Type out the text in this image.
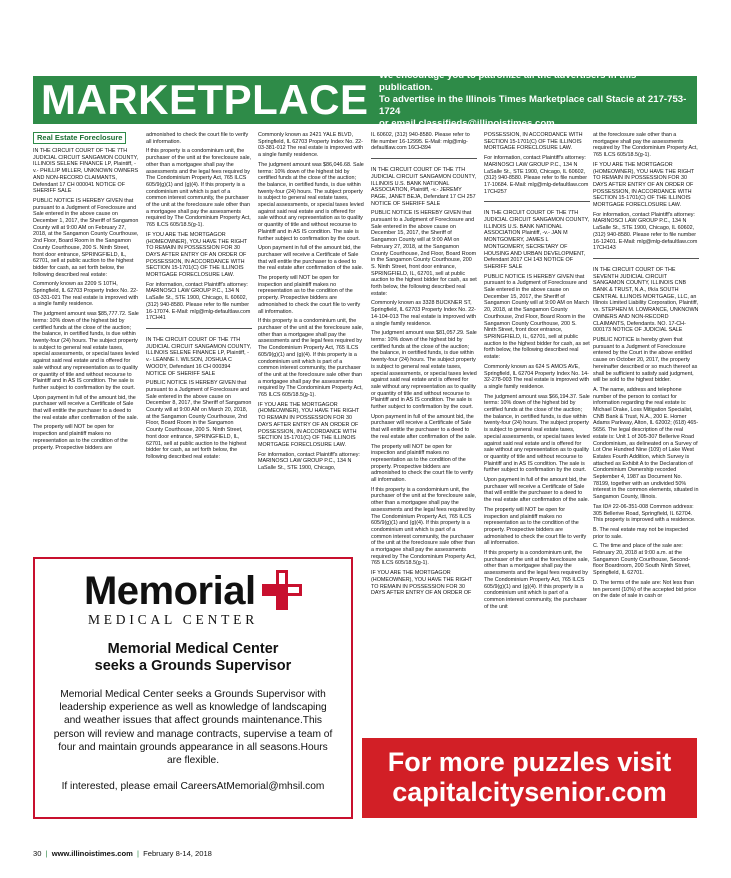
MARKETPLACE
We encourage you to patronize all the advertisers in this publication.
To advertise in the Illinois Times Marketplace call Stacie at 217-753-1724
or email classifieds@illinoistimes.com.
Real Estate Foreclosure

IN THE CIRCUIT COURT OF THE 7TH JUDICIAL CIRCUIT SANGAMON COUNTY, ILLINOIS SELENE FINANCE LP, Plaintiff, -v.- PHILLIP MILLER, UNKNOWN OWNERS AND NON-RECORD CLAIMANTS, Defendant 17 CH 000041 NOTICE OF SHERIFF SALE

PUBLIC NOTICE IS HEREBY GIVEN that pursuant to a Judgment of Foreclosure and Sale entered in the above cause on December 1, 2017, the Sheriff of Sangamon County will at 9:00 AM on February 27, 2018, at the Sangamon County Courthouse, 2nd Floor, Board Room in the Sangamon County Courthouse, 200 S. Ninth Street, front door entrance, SPRINGFIELD, IL, 62701, sell at public auction to the highest bidder for cash, as set forth below, the following described real estate:

Commonly known as 2209 S 10TH, Springfield, IL 62703 Property Index No. 22-03-331-021 The real estate is improved with a single family residence.

The judgment amount was $85,777.72. Sale terms: 10% down of the highest bid by certified funds at the close of the auction; the balance, in certified funds, is due within twenty-four (24) hours. The subject property is subject to general real estate taxes, special assessments, or special taxes levied against said real estate and is offered for sale without any representation as to quality or quantity of title and without recourse to Plaintiff and in AS IS condition. The sale is further subject to confirmation by the court.

Upon payment in full of the amount bid, the purchaser will receive a Certificate of Sale that will entitle the purchaser to a deed to the real estate after confirmation of the sale.

The property will NOT be open for inspection and plaintiff makes no representation as to the condition of the property. Prospective bidders are

admonished to check the court file to verify all information.

If this property is a condominium unit, the purchaser of the unit at the foreclosure sale, other than a mortgagee shall pay the assessments and the legal fees required by The Condominium Property Act, 765 ILCS 605/9(g)(1) and (g)(4). If this property is a condominium unit which is part of a common interest community, the purchaser of the unit at the foreclosure sale other than a mortgagee shall pay the assessments required by The Condominium Property Act, 765 ILCS 605/18.5(g-1).

IF YOU ARE THE MORTGAGOR (HOMEOWNER), YOU HAVE THE RIGHT TO REMAIN IN POSSESSION FOR 30 DAYS AFTER ENTRY OF AN ORDER OF POSSESSION, IN ACCORDANCE WITH SECTION 15-1701(C) OF THE ILLINOIS MORTGAGE FORECLOSURE LAW.

For information, contact Plaintiff's attorney: MARINOSCI LAW GROUP P.C., 134 N LaSalle St., STE 1900, Chicago, IL 60602, (312) 940-8580. Please refer to file number 16-17074. E-Mail: mlg@mlg-defaultlaw.com 17CH41

IN THE CIRCUIT COURT OF THE 7TH JUDICIAL CIRCUIT SANGAMON COUNTY, ILLINOIS SELENE FINANCE LP, Plaintiff, -v.- LEANNE I. WILSON, JOSHUA C WOODY, Defendant 16 CH 000394 NOTICE OF SHERIFF SALE

PUBLIC NOTICE IS HEREBY GIVEN that pursuant to a Judgment of Foreclosure and Sale entered in the above cause on December 8, 2017, the Sheriff of Sangamon County will at 9:00 AM on March 20, 2018, at the Sangamon County Courthouse, 2nd Floor, Board Room in the Sangamon County Courthouse, 200 S. Ninth Street, front door entrance, SPRINGFIELD, IL, 62701, sell at public auction to the highest bidder for cash, as set forth below, the following described real estate:

Commonly known as 2421 YALE BLVD, Springfield, IL 62703 Property Index No. 22-03-381-012 The real estate is improved with a single family residence.

The judgment amount was $86,046.68. Sale terms: 10% down of the highest bid by certified funds at the close of the auction; the balance, in certified funds, is due within twenty-four (24) hours. The subject property is subject to general real estate taxes, special assessments, or special taxes levied against said real estate and is offered for sale without any representation as to quality or quantity of title and without recourse to Plaintiff and in AS IS condition. The sale is further subject to confirmation by the court.

Upon payment in full of the amount bid, the purchaser will receive a Certificate of Sale that will entitle the purchaser to a deed to the real estate after confirmation of the sale.

The property will NOT be open for inspection and plaintiff makes no representation as to the condition of the property. Prospective bidders are admonished to check the court file to verify all information.

If this property is a condominium unit, the purchaser of the unit at the foreclosure sale, other than a mortgagee shall pay the assessments and the legal fees required by The Condominium Property Act, 765 ILCS 605/9(g)(1) and (g)(4). If this property is a condominium unit which is part of a common interest community, the purchaser of the unit at the foreclosure sale other than a mortgagee shall pay the assessments required by The Condominium Property Act, 765 ILCS 605/18.5(g-1).

IF YOU ARE THE MORTGAGOR (HOMEOWNER), YOU HAVE THE RIGHT TO REMAIN IN POSSESSION FOR 30 DAYS AFTER ENTRY OF AN ORDER OF POSSESSION, IN ACCORDANCE WITH SECTION 15-1701(C) OF THE ILLINOIS MORTGAGE FORECLOSURE LAW.

For information, contact Plaintiff's attorney: MARINOSCI LAW GROUP P.C., 134 N LaSalle St., STE 1900, Chicago,

IL 60602, (312) 940-8580. Please refer to file number 16-12995. E-Mail: mlg@mlg-defaultlaw.com 16CH394

IN THE CIRCUIT COURT OF THE 7TH JUDICIAL CIRCUIT SANGAMON COUNTY, ILLINOIS U.S. BANK NATIONAL ASSOCIATION, Plaintiff, -v.- JEREMY PAGE, JANET BEJA, Defendant 17 CH 257 NOTICE OF SHERIFF SALE

PUBLIC NOTICE IS HEREBY GIVEN that pursuant to a Judgment of Foreclosure and Sale entered in the above cause on December 15, 2017, the Sheriff of Sangamon County will at 9:00 AM on February 27, 2018, at the Sangamon County Courthouse, 2nd Floor, Board Room in the Sangamon County Courthouse, 200 S. Ninth Street, front door entrance, SPRINGFIELD, IL, 62701, sell at public auction to the highest bidder for cash, as set forth below, the following described real estate:

Commonly known as 3328 BUCKNER ST, Springfield, IL 62703 Property Index No. 22-14-104-013 The real estate is improved with a single family residence.

The judgment amount was $81,057.29. Sale terms: 10% down of the highest bid by certified funds at the close of the auction; the balance, in certified funds, is due within twenty-four (24) hours. The subject property is subject to general real estate taxes, special assessments, or special taxes levied against said real estate and is offered for sale without any representation as to quality or quantity of title and without recourse to Plaintiff and in AS IS condition. The sale is further subject to confirmation by the court.

Upon payment in full of the amount bid, the purchaser will receive a Certificate of Sale that will entitle the purchaser to a deed to the real estate after confirmation of the sale.

The property will NOT be open for inspection and plaintiff makes no representation as to the condition of the property. Prospective bidders are admonished to check the court file to verify all information.

If this property is a condominium unit, the purchaser of the unit at the foreclosure sale, other than a mortgagee shall pay the assessments and the legal fees required by The Condominium Property Act, 765 ILCS 605/9(g)(1) and (g)(4). If this property is a condominium unit which is part of a common interest community, the purchaser of the unit at the foreclosure sale other than a mortgagee shall pay the assessments required by The Condominium Property Act, 765 ILCS 605/18.5(g-1).

IF YOU ARE THE MORTGAGOR (HOMEOWNER), YOU HAVE THE RIGHT TO REMAIN IN POSSESSION FOR 30 DAYS AFTER ENTRY OF AN ORDER OF

POSSESSION, IN ACCORDANCE WITH SECTION 15-1701(C) OF THE ILLINOIS MORTGAGE FORECLOSURE LAW.

For information, contact Plaintiff's attorney: MARINOSCI LAW GROUP P.C., 134 N LaSalle St., STE 1900, Chicago, IL 60602, (312) 940-8580. Please refer to file number 17-10684. E-Mail: mlg@mlg-defaultlaw.com 17CH257

IN THE CIRCUIT COURT OF THE 7TH JUDICIAL CIRCUIT SANGAMON COUNTY, ILLINOIS U.S. BANK NATIONAL ASSOCIATION Plaintiff, -v.- JAN M MONTGOMERY, JAMES L MONTGOMERY, SECRETARY OF HOUSING AND URBAN DEVELOPMENT, Defendant 2017 CH 143 NOTICE OF SHERIFF SALE

PUBLIC NOTICE IS HEREBY GIVEN that pursuant to a Judgment of Foreclosure and Sale entered in the above cause on December 15, 2017, the Sheriff of Sangamon County will at 9:00 AM on March 20, 2018, at the Sangamon County Courthouse, 2nd Floor, Board Room in the Sangamon County Courthouse, 200 S. Ninth Street, front door entrance, SPRINGFIELD, IL, 62701, sell at public auction to the highest bidder for cash, as set forth below, the following described real estate:

Commonly known as 624 S AMOS AVE, Springfield, IL 62704 Property Index No. 14-32-278-003 The real estate is improved with a single family residence.

The judgment amount was $66,194.37. Sale terms: 10% down of the highest bid by certified funds at the close of the auction; the balance, in certified funds, is due within twenty-four (24) hours. The subject property is subject to general real estate taxes, special assessments, or special taxes levied against said real estate and is offered for sale without any representation as to quality or quantity of title and without recourse to Plaintiff and in AS IS condition. The sale is further subject to confirmation by the court.

Upon payment in full of the amount bid, the purchaser will receive a Certificate of Sale that will entitle the purchaser to a deed to the real estate after confirmation of the sale.

The property will NOT be open for inspection and plaintiff makes no representation as to the condition of the property. Prospective bidders are admonished to check the court file to verify all information.

If this property is a condominium unit, the purchaser of the unit at the foreclosure sale, other than a mortgagee shall pay the assessments and the legal fees required by The Condominium Property Act, 765 ILCS 605/9(g)(1) and (g)(4). If this property is a condominium unit which is part of a common interest community, the purchaser of the unit

at the foreclosure sale other than a mortgagee shall pay the assessments required by The Condominium Property Act, 765 ILCS 605/18.5(g-1).

IF YOU ARE THE MORTGAGOR (HOMEOWNER), YOU HAVE THE RIGHT TO REMAIN IN POSSESSION FOR 30 DAYS AFTER ENTRY OF AN ORDER OF POSSESSION, IN ACCORDANCE WITH SECTION 15-1701(C) OF THE ILLINOIS MORTGAGE FORECLOSURE LAW.

For information, contact Plaintiff's attorney: MARINOSCI LAW GROUP P.C., 134 N LaSalle St., STE 1900, Chicago, IL 60602, (312) 940-8580. Please refer to file number 16-12401. E-Mail: mlg@mlg-defaultlaw.com 17CH143

IN THE CIRCUIT COURT OF THE SEVENTH JUDICIAL CIRCUIT SANGAMON COUNTY, ILLINOIS CNB BANK & TRUST, N.A., f/k/a SOUTH CENTRAL ILLINOIS MORTGAGE, LLC, an Illinois Limited Liability Corporation, Plaintiff, vs. STEPHEN M. LOWRANCE, UNKNOWN OWNERS AND NON-RECORD CLAIMANTS, Defendants. NO. 17-CH-000173 NOTICE OF JUDICIAL SALE

PUBLIC NOTICE is hereby given that pursuant to a Judgment of Foreclosure entered by the Court in the above entitled cause on October 20, 2017, the property hereinafter described or so much thereof as shall be sufficient to satisfy said judgment, will be sold to the highest bidder.

A. The name, address and telephone number of the person to contact for information regarding the real estate is: Michael Drake, Loss Mitigation Specialist, CNB Bank & Trust, N.A., 200 E. Homer Adams Parkway, Alton, IL 62002; (618) 465-5656. The legal description of the real estate is: Unit 1 of 305-307 Bellerive Road Condominium, as delineated on a Survey of Lot One Hundred Nine (109) of Lake West Estates Fourth Addition, which Survey is attached as Exhibit A to the Declaration of Condominium Ownership recorded September 4, 1987 as Document No. 78199, together with an undivided 50% interest in the common elements, situated in Sangamon County, Illinois.

Tax ID# 22-06-351-008 Common address: 305 Bellerive Road, Springfield, IL 62704. This property is improved with a residence.

B. The real estate may not be inspected prior to sale.

C. The time and place of the sale are: February 20, 2018 at 9:00 a.m. at the Sangamon County Courthouse, Second-floor Boardroom, 200 South Ninth Street, Springfield, IL 62701.

D. The terms of the sale are: Not less than ten percent (10%) of the accepted bid price on the date of sale in cash or

Memorial
MEDICAL CENTER
Memorial Medical Center
seeks a Grounds Supervisor
Memorial Medical Center seeks a Grounds Supervisor with leadership experience as well as knowledge of landscaping and weather issues that affect grounds maintenance.This person will review and manage contracts, supervise a team of four and maintain grounds appearance in all seasons.Hours are flexible.
If interested, please email CareersAtMemorial@mhsil.com
For more puzzles visit
capitalcitysenior.com
30 | www.illinoistimes.com | February 8-14, 2018
